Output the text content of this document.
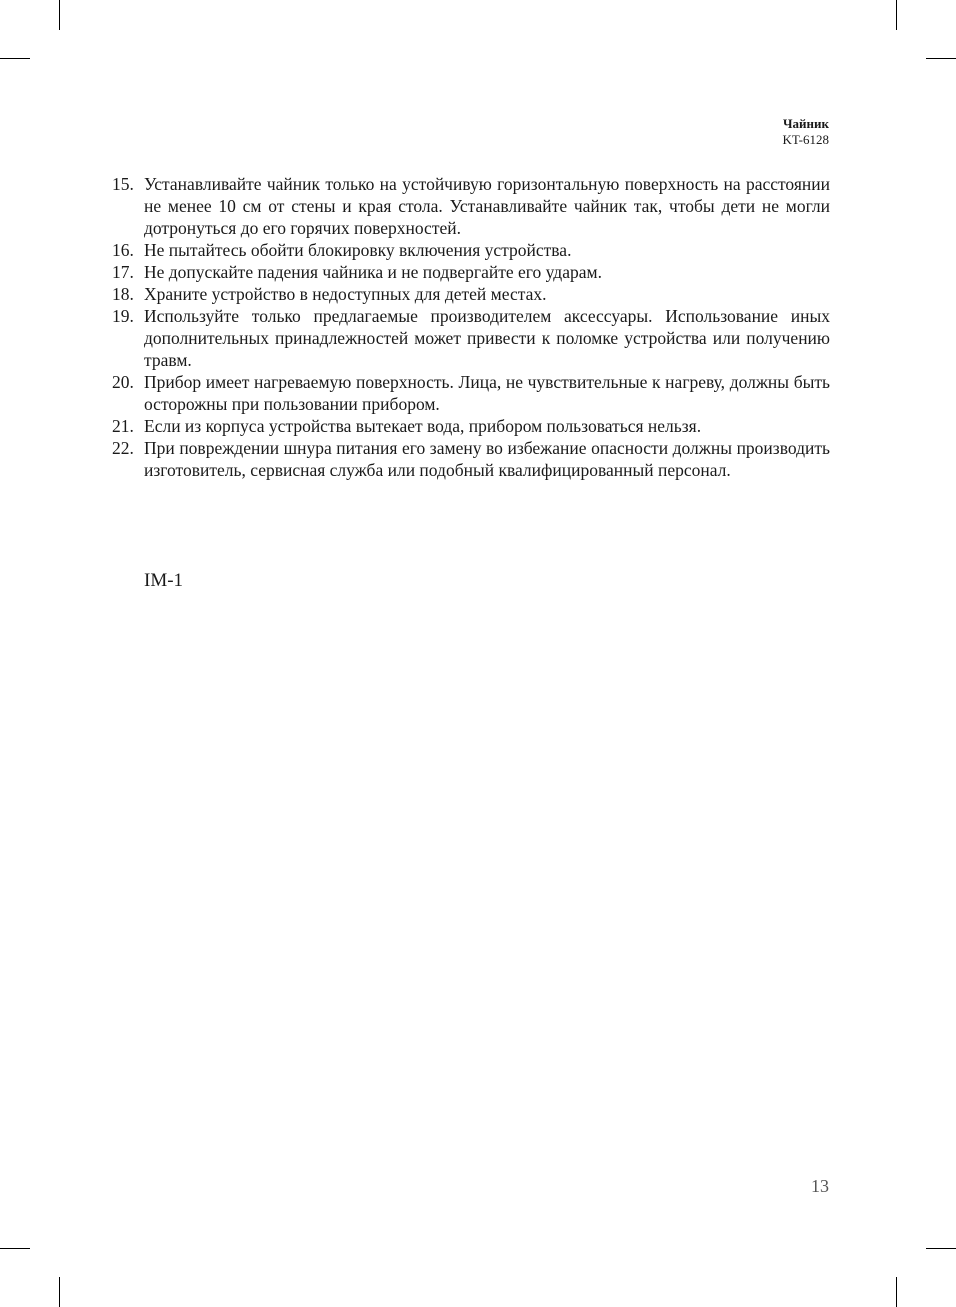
Чайник
KT-6128
15. Устанавливайте чайник только на устойчивую горизонтальную поверхность на расстоянии не менее 10 см от стены и края стола. Устанавливайте чайник так, чтобы дети не могли дотронуться до его горячих поверхностей.
16. Не пытайтесь обойти блокировку включения устройства.
17. Не допускайте падения чайника и не подвергайте его ударам.
18. Храните устройство в недоступных для детей местах.
19. Используйте только предлагаемые производителем аксессуары. Использование иных дополнительных принадлежностей может привести к поломке устройства или получению травм.
20. Прибор имеет нагреваемую поверхность. Лица, не чувствительные к нагреву, должны быть осторожны при пользовании прибором.
21. Если из корпуса устройства вытекает вода, прибором пользоваться нельзя.
22. При повреждении шнура питания его замену во избежание опасности должны производить изготовитель, сервисная служба или подобный квалифицированный персонал.
IM-1
13
